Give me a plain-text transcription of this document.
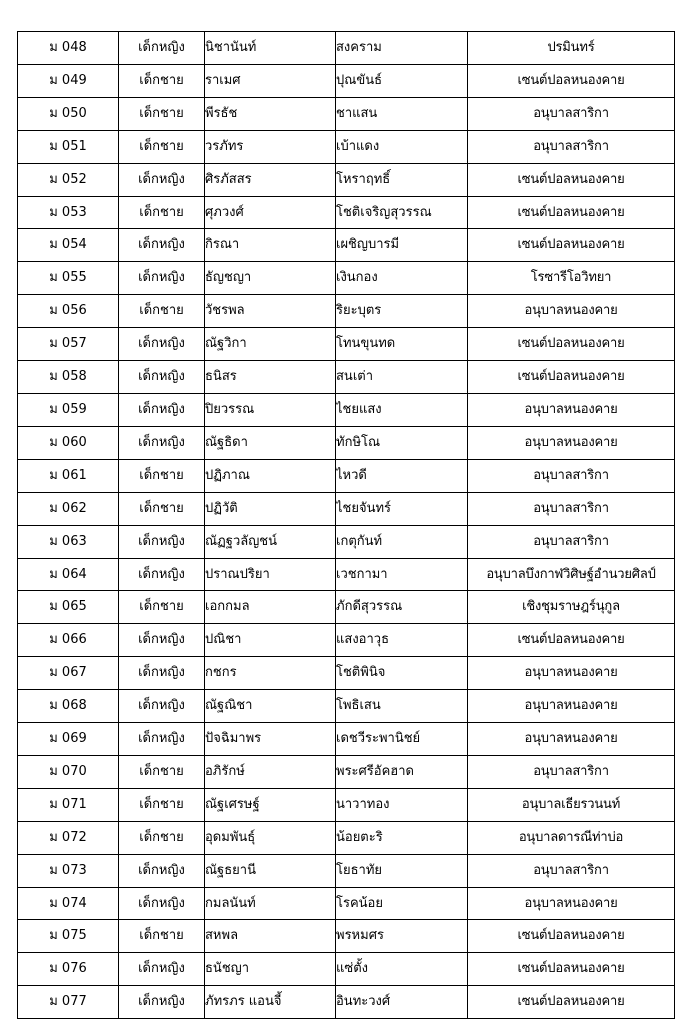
ม 048	เด็กหญิง	นิชานันท์	สงคราม	ปรมินทร์
ม 049	เด็กชาย	ราเมศ	ปุณขันธ์	เซนต์ปอลหนองคาย
ม 050	เด็กชาย	พีรธัช	ชาแสน	อนุบาลสาริกา
ม 051	เด็กชาย	วรภัทร	เบ้าแดง	อนุบาลสาริกา
ม 052	เด็กหญิง	ศิรภัสสร	โหราฤทธิ์	เซนต์ปอลหนองคาย
ม 053	เด็กชาย	ศุภวงศ์	โชติเจริญสุวรรณ	เซนต์ปอลหนองคาย
ม 054	เด็กหญิง	กิรณา	เผชิญบารมี	เซนต์ปอลหนองคาย
ม 055	เด็กหญิง	ธัญชญา	เงินกอง	โรซารีโอวิทยา
ม 056	เด็กชาย	วัชรพล	ริยะบุตร	อนุบาลหนองคาย
ม 057	เด็กหญิง	ณัฐวิกา	โทนขุนทด	เซนต์ปอลหนองคาย
ม 058	เด็กหญิง	ธนิสร	สนเต่า	เซนต์ปอลหนองคาย
ม 059	เด็กหญิง	ปิยวรรณ	ไชยแสง	อนุบาลหนองคาย
ม 060	เด็กหญิง	ณัฐธิดา	ทักษิโณ	อนุบาลหนองคาย
ม 061	เด็กชาย	ปฏิภาณ	ไหวดี	อนุบาลสาริกา
ม 062	เด็กชาย	ปฏิวัติ	ไชยจันทร์	อนุบาลสาริกา
ม 063	เด็กหญิง	ณัฏฐวลัญชน์	เกตุกันท์	อนุบาลสาริกา
ม 064	เด็กหญิง	ปราณปริยา	เวชกามา	อนุบาลบึงกาฬวิศิษฐ์อำนวยศิลป์
ม 065	เด็กชาย	เอกกมล	ภักดีสุวรรณ	เชิงชุมราษฎร์นุกูล
ม 066	เด็กหญิง	ปณิชา	แสงอาวุธ	เซนต์ปอลหนองคาย
ม 067	เด็กหญิง	กชกร	โชติพินิจ	อนุบาลหนองคาย
ม 068	เด็กหญิง	ณัฐณิชา	โพธิเสน	อนุบาลหนองคาย
ม 069	เด็กหญิง	ปัจฉิมาพร	เดชวีระพานิชย์	อนุบาลหนองคาย
ม 070	เด็กชาย	อภิรักษ์	พระศรีอัคฮาด	อนุบาลสาริกา
ม 071	เด็กชาย	ณัฐเศรษฐ์	นาวาทอง	อนุบาลเธียรวนนท์
ม 072	เด็กชาย	อุดมพันธุ์	น้อยตะริ	อนุบาลดารณีท่าบ่อ
ม 073	เด็กหญิง	ณัฐธยานี	โยธาทัย	อนุบาลสาริกา
ม 074	เด็กหญิง	กมลนันท์	โรคน้อย	อนุบาลหนองคาย
ม 075	เด็กชาย	สหพล	พรหมศร	เซนต์ปอลหนองคาย
ม 076	เด็กหญิง	ธนัชญา	แซ่ตั้ง	เซนต์ปอลหนองคาย
ม 077	เด็กหญิง	ภัทรภร แอนจี้	อินทะวงศ์	เซนต์ปอลหนองคาย
